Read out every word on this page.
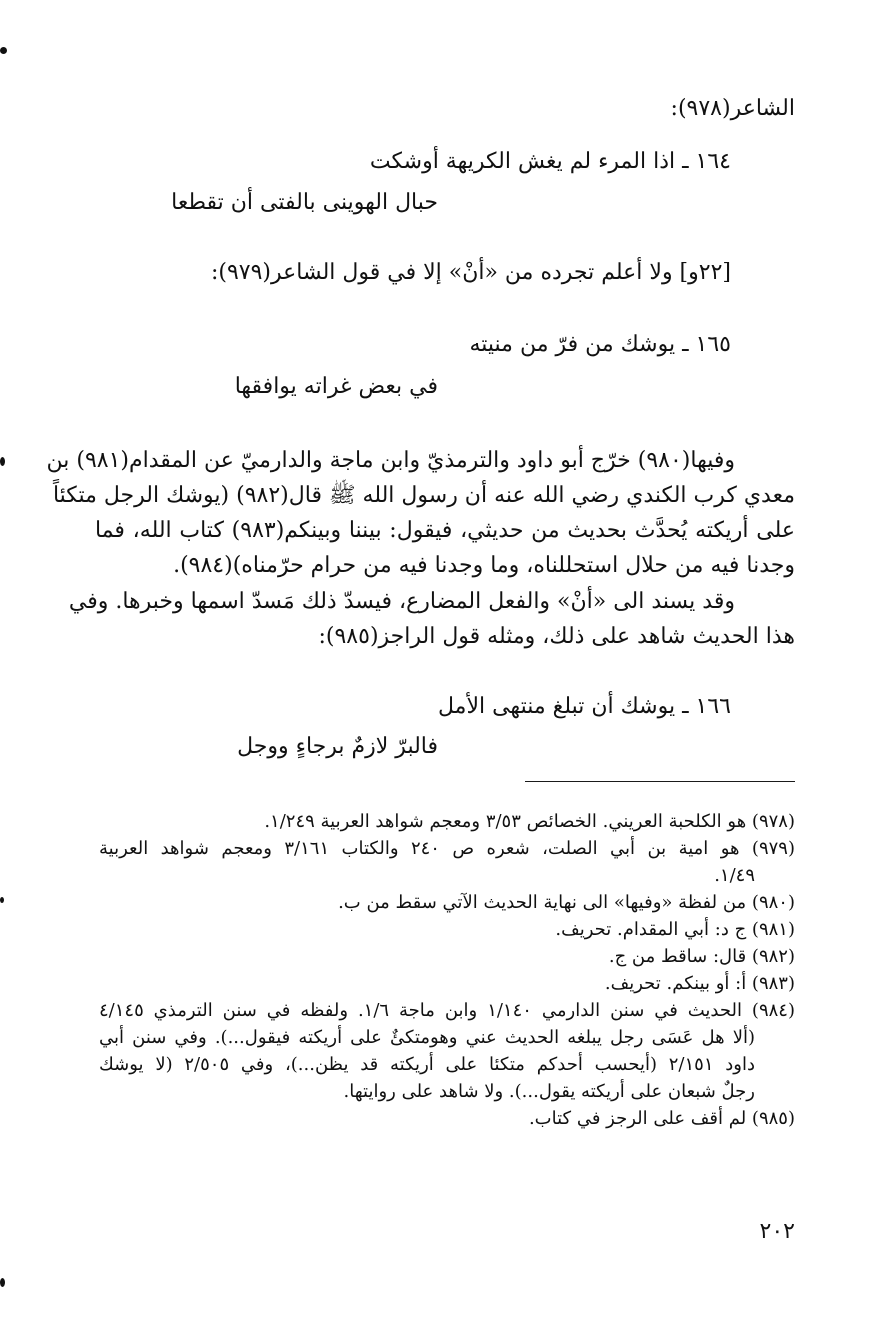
الشاعر(٩٧٨):
١٦٤ ـ اذا المرء لم يغش الكريهة أوشكت
حبال الهوينى بالفتى أن تقطعا
[٢٢و] ولا أعلم تجرده من «أنْ» إلا في قول الشاعر(٩٧٩):
١٦٥ ـ يوشك من فرّ من منيته
في بعض غراته يوافقها
وفيها(٩٨٠) خرّج أبو داود والترمذيّ وابن ماجة والدارميّ عن المقدام(٩٨١) بن
معدي كرب الكندي رضي الله عنه أن رسول الله ﷺ قال(٩٨٢) (يوشك الرجل متكئاً
على أريكته يُحدَّث بحديث من حديثي، فيقول: بيننا وبينكم(٩٨٣) كتاب الله، فما
وجدنا فيه من حلال استحللناه، وما وجدنا فيه من حرام حرّمناه)(٩٨٤).
وقد يسند الى «أنْ» والفعل المضارع، فيسدّ ذلك مَسدّ اسمها وخبرها. وفي
هذا الحديث شاهد على ذلك، ومثله قول الراجز(٩٨٥):
١٦٦ ـ يوشك أن تبلغ منتهى الأمل
فالبرّ لازمٌ برجاءٍ ووجل
(٩٧٨) هو الكلحبة العريني. الخصائص ٣/٥٣ ومعجم شواهد العربية ١/٢٤٩.
(٩٧٩) هو امية بن أبي الصلت، شعره ص ٢٤٠ والكتاب ٣/١٦١ ومعجم شواهد العربية
١/٤٩.
(٩٨٠) من لفظة «وفيها» الى نهاية الحديث الآتي سقط من ب.
(٩٨١) ج د: أبي المقدام. تحريف.
(٩٨٢) قال: ساقط من ج.
(٩٨٣) أ: أو بينكم. تحريف.
(٩٨٤) الحديث في سنن الدارمي ١/١٤٠ وابن ماجة ١/٦. ولفظه في سنن الترمذي ٤/١٤٥
(ألا هل عَسَى رجل يبلغه الحديث عني وهومتكئٌ على أريكته فيقول...). وفي سنن أبي
داود ٢/١٥١ (أيحسب أحدكم متكئا على أريكته قد يظن...)، وفي ٢/٥٠٥ (لا يوشك
رجلٌ شبعان على أريكته يقول...). ولا شاهد على روايتها.
(٩٨٥) لم أقف على الرجز في كتاب.
٢٠٢
